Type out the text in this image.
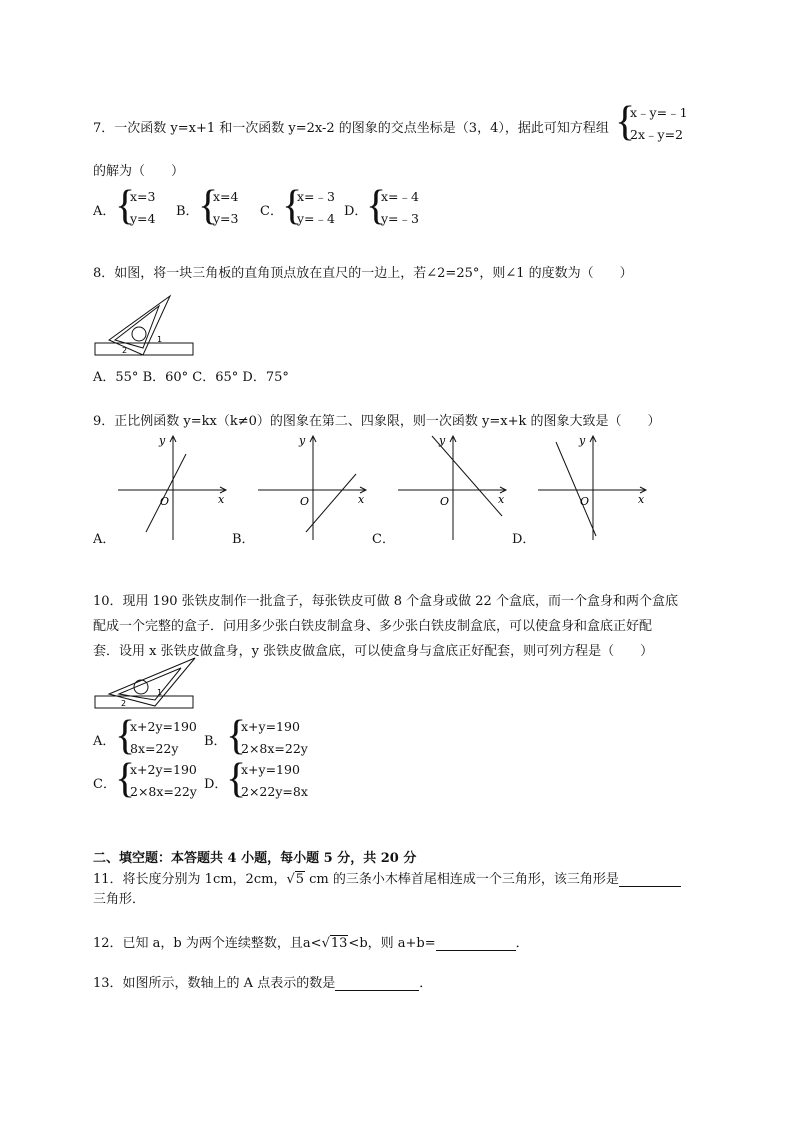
7．一次函数 y=x+1 和一次函数 y=2x-2 的图象的交点坐标是（3，4），据此可知方程组 {
x﹣y=﹣1
2x﹣y=2
的解为（　　）
A． {
x=3
y=4 B． {
x=4
y=3 C． {
x=﹣3
y=﹣4 D．
{
x=﹣4
y=﹣3
8．如图，将一块三角板的直角顶点放在直尺的一边上，若∠2=25°，则∠1 的度数为（　　）
1
2
A．55° B．60° C．65° D．75°
9．正比例函数 y=kx（k≠0）的图象在第二、四象限，则一次函数 y=x+k 的图象大致是（　　）
x
y
O
A．
x
y
O
B．
x
y
O
C．
x
y
O
D．
10．现用 190 张铁皮制作一批盒子，每张铁皮可做 8 个盒身或做 22 个盒底，而一个盒身和两个盒底
配成一个完整的盒子．问用多少张白铁皮制盒身、多少张白铁皮制盒底，可以使盒身和盒底正好配
套．设用 x 张铁皮做盒身，y 张铁皮做盒底，可以使盒身与盒底正好配套，则可列方程是（　　）
1
2
A． {
x+2y=190
8x=22y	B． {
x+y=190
2×8x=22y
C． {
x+2y=190
2×8x=22y D．
{
x+y=190
2×22y=8x
二、填空题：本答题共 4 小题，每小题 5 分，共 20 分
11．将长度分别为 1cm，2cm，√5 cm 的三条小木棒首尾相连成一个三角形，该三角形是
三角形．
12．已知 a，b 为两个连续整数，且a<√13<b，则 a+b=	．
13．如图所示，数轴上的 A 点表示的数是	．
